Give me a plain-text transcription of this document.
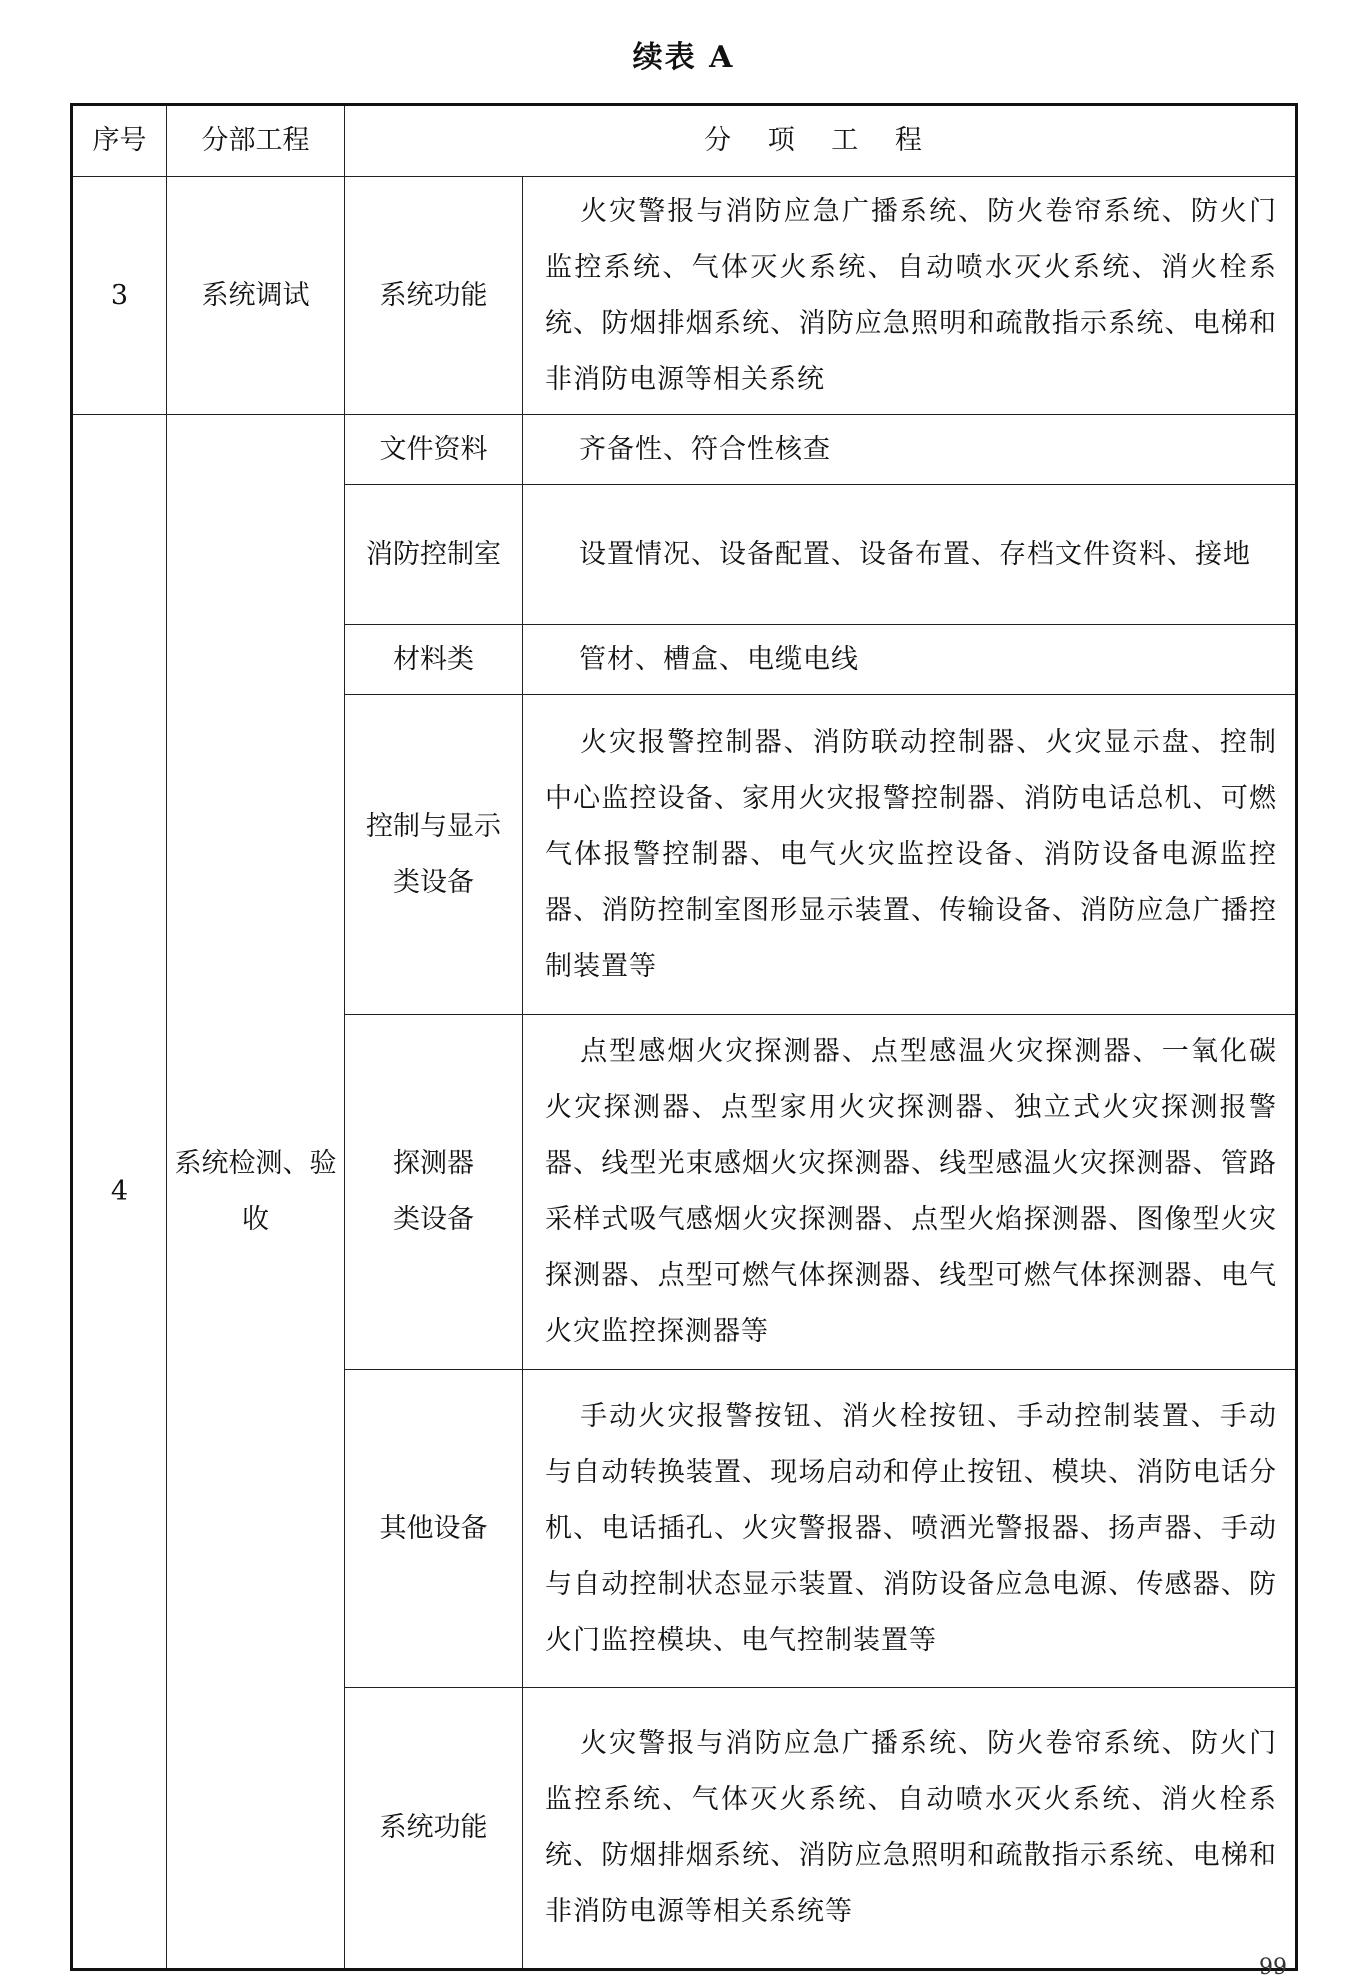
续表 A
序号	分部工程	分 项 工 程	
3	系统调试	系统功能	火灾警报与消防应急广播系统、防火卷帘系统、防火门监控系统、气体灭火系统、自动喷水灭火系统、消火栓系统、防烟排烟系统、消防应急照明和疏散指示系统、电梯和非消防电源等相关系统
4	系统检测、验收	文件资料	齐备性、符合性核查
		消防控制室	设置情况、设备配置、设备布置、存档文件资料、接地
		材料类	管材、槽盒、电缆电线
		控制与显示类设备	火灾报警控制器、消防联动控制器、火灾显示盘、控制中心监控设备、家用火灾报警控制器、消防电话总机、可燃气体报警控制器、电气火灾监控设备、消防设备电源监控器、消防控制室图形显示装置、传输设备、消防应急广播控制装置等
		探测器类设备	点型感烟火灾探测器、点型感温火灾探测器、一氧化碳火灾探测器、点型家用火灾探测器、独立式火灾探测报警器、线型光束感烟火灾探测器、线型感温火灾探测器、管路采样式吸气感烟火灾探测器、点型火焰探测器、图像型火灾探测器、点型可燃气体探测器、线型可燃气体探测器、电气火灾监控探测器等
		其他设备	手动火灾报警按钮、消火栓按钮、手动控制装置、手动与自动转换装置、现场启动和停止按钮、模块、消防电话分机、电话插孔、火灾警报器、喷洒光警报器、扬声器、手动与自动控制状态显示装置、消防设备应急电源、传感器、防火门监控模块、电气控制装置等
		系统功能	火灾警报与消防应急广播系统、防火卷帘系统、防火门监控系统、气体灭火系统、自动喷水灭火系统、消火栓系统、防烟排烟系统、消防应急照明和疏散指示系统、电梯和非消防电源等相关系统等
99
